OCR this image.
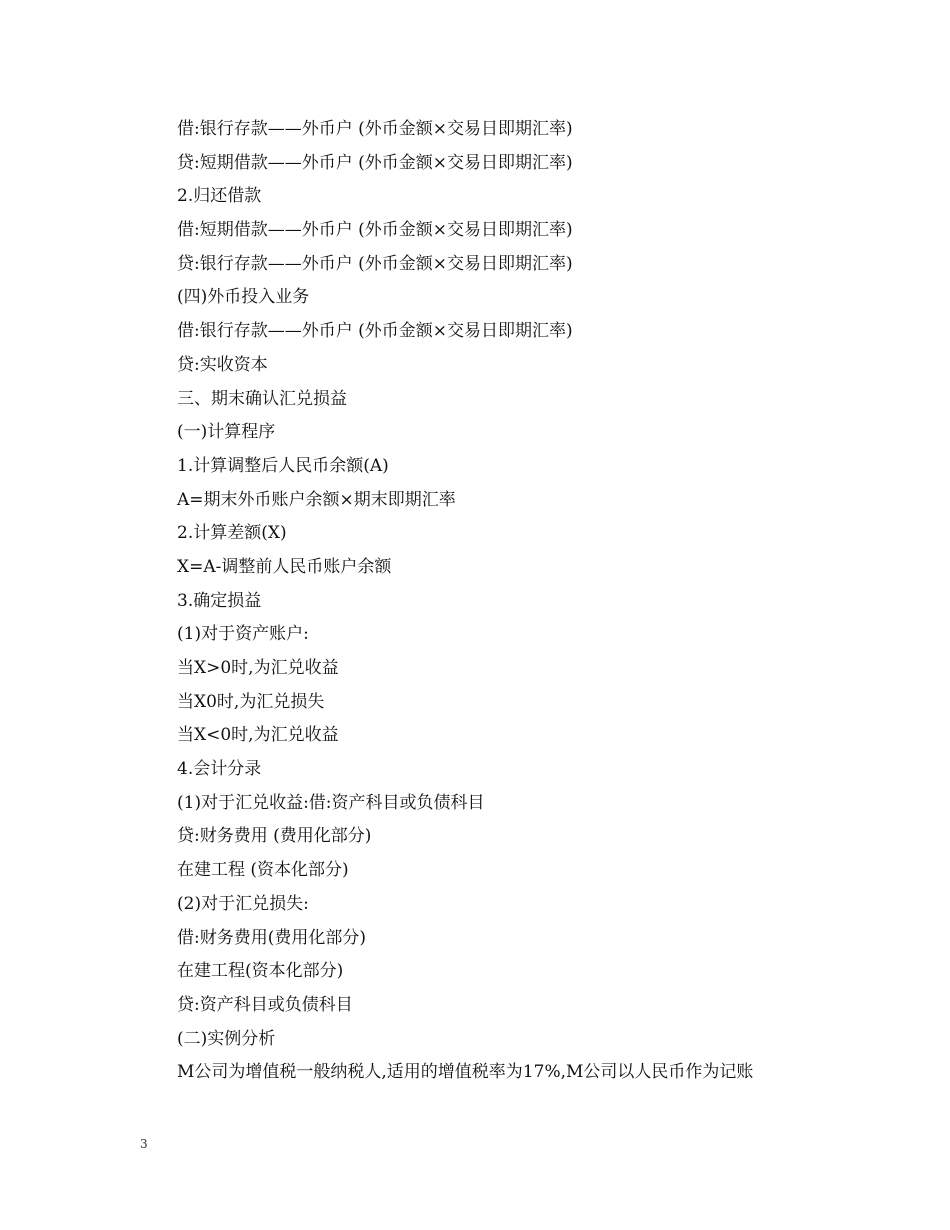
借:银行存款——外币户 (外币金额×交易日即期汇率)

贷:短期借款——外币户 (外币金额×交易日即期汇率)

2.归还借款

借:短期借款——外币户 (外币金额×交易日即期汇率)

贷:银行存款——外币户 (外币金额×交易日即期汇率)

(四)外币投入业务

借:银行存款——外币户 (外币金额×交易日即期汇率)

贷:实收资本

三、期末确认汇兑损益

(一)计算程序

1.计算调整后人民币余额(A)

A=期末外币账户余额×期末即期汇率

2.计算差额(X)

X=A-调整前人民币账户余额

3.确定损益

(1)对于资产账户:

当X>0时,为汇兑收益

当X0时,为汇兑损失

当X<0时,为汇兑收益

4.会计分录

(1)对于汇兑收益:借:资产科目或负债科目

贷:财务费用 (费用化部分)

在建工程 (资本化部分)

(2)对于汇兑损失:

借:财务费用(费用化部分)

在建工程(资本化部分)

贷:资产科目或负债科目

(二)实例分析

M公司为增值税一般纳税人,适用的增值税率为17%,M公司以人民币作为记账

3
